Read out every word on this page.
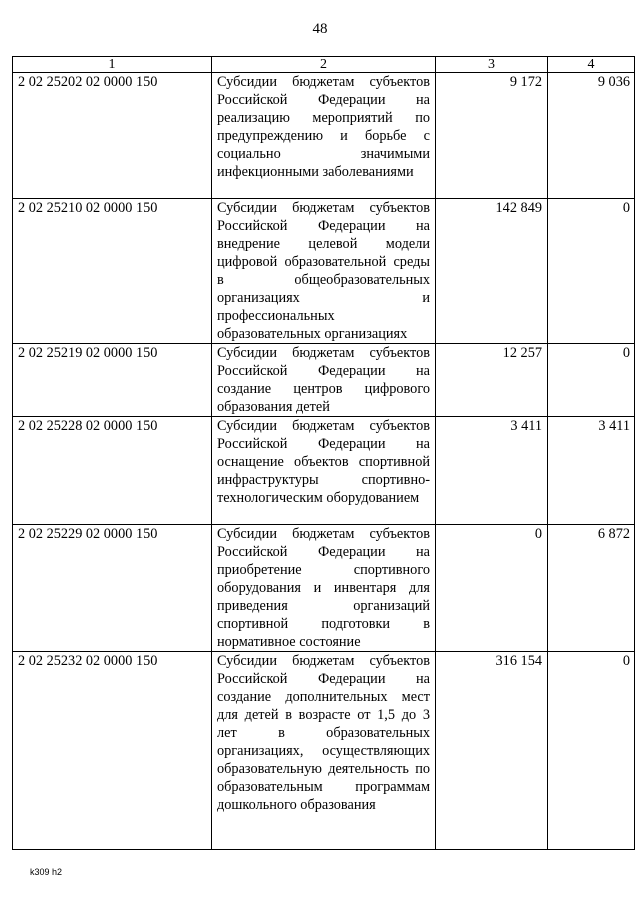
48
1	2	3	4
2 02 25202 02 0000 150	Субсидии бюджетам субъектов Российской Федерации на реализацию мероприятий по предупреждению и борьбе с социально значимыми инфекционными заболеваниями	9 172	9 036
2 02 25210 02 0000 150	Субсидии бюджетам субъектов Российской Федерации на внедрение целевой модели цифровой образовательной среды в общеобразовательных организациях и профессиональных образовательных организациях	142 849	0
2 02 25219 02 0000 150	Субсидии бюджетам субъектов Российской Федерации на создание центров цифрового образования детей	12 257	0
2 02 25228 02 0000 150	Субсидии бюджетам субъектов Российской Федерации на оснащение объектов спортивной инфраструктуры спортивно-технологическим оборудованием	3 411	3 411
2 02 25229 02 0000 150	Субсидии бюджетам субъектов Российской Федерации на приобретение спортивного оборудования и инвентаря для приведения организаций спортивной подготовки в нормативное состояние	0	6 872
2 02 25232 02 0000 150	Субсидии бюджетам субъектов Российской Федерации на создание дополнительных мест для детей в возрасте от 1,5 до 3 лет в образовательных организациях, осуществляющих образовательную деятельность по образовательным программам дошкольного образования	316 154	0
k309 h2
